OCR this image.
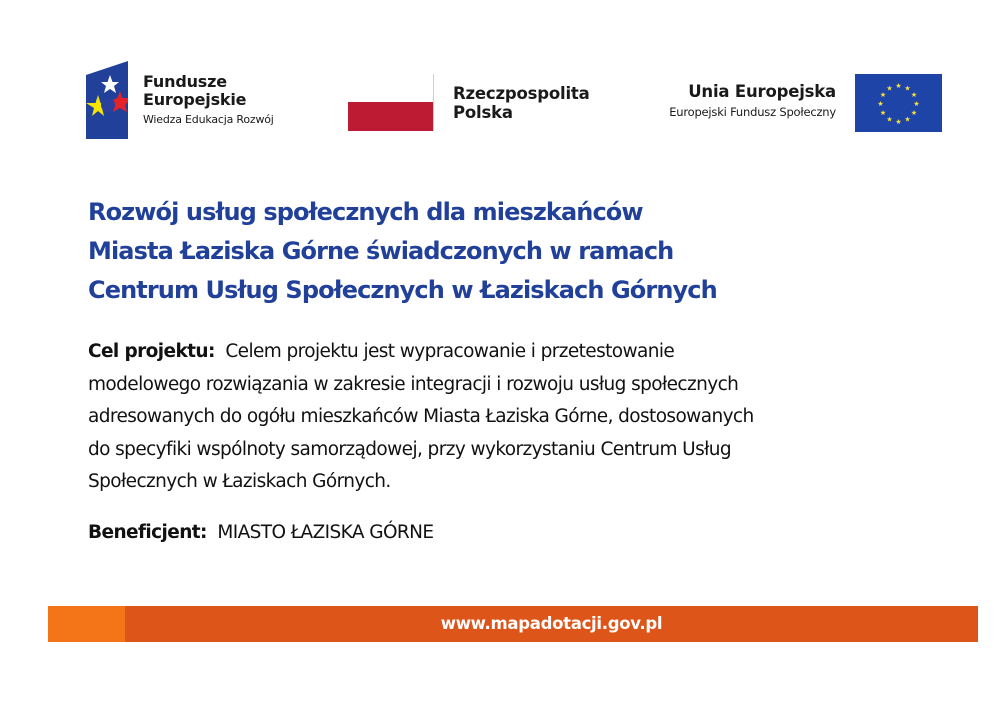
Fundusze
Europejskie
Wiedza Edukacja Rozwój
Rzeczpospolita
Polska
Unia Europejska
Europejski Fundusz Społeczny
★ ★
★
★
★
★
★
★
★
★
★
★
Rozwój usług społecznych dla mieszkańców
Miasta Łaziska Górne świadczonych w ramach
Centrum Usług Społecznych w Łaziskach Górnych
Cel projektu: Celem projektu jest wypracowanie i przetestowanie
modelowego rozwiązania w zakresie integracji i rozwoju usług społecznych
adresowanych do ogółu mieszkańców Miasta Łaziska Górne, dostosowanych
do specyfiki wspólnoty samorządowej, przy wykorzystaniu Centrum Usług
Społecznych w Łaziskach Górnych.
Beneficjent: MIASTO ŁAZISKA GÓRNE
www.mapadotacji.gov.pl
